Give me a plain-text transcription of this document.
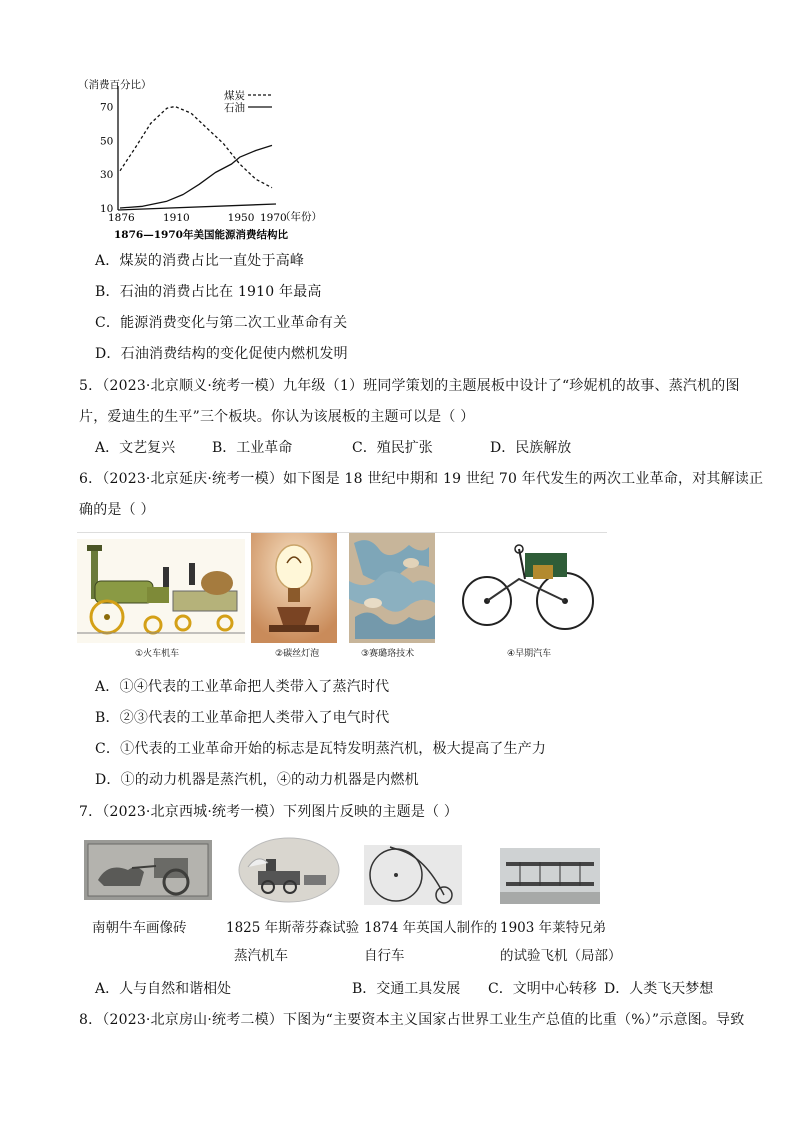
（消费百分比）
（年份）
10
30
50
70
1876	1910	1950 1970
煤炭
石油
1876—1970年美国能源消费结构比
A．煤炭的消费占比一直处于高峰
B．石油的消费占比在 1910 年最高
C．能源消费变化与第二次工业革命有关
D．石油消费结构的变化促使内燃机发明
5．（2023·北京顺义·统考一模）九年级（1）班同学策划的主题展板中设计了“珍妮机的故事、蒸汽机的图
片，爱迪生的生平”三个板块。你认为该展板的主题可以是（ ）
A．文艺复兴	B．工业革命	C．殖民扩张	D．民族解放
6．（2023·北京延庆·统考一模）如下图是 18 世纪中期和 19 世纪 70 年代发生的两次工业革命，对其解读正
确的是（ ）
①火车机车	②碳丝灯泡	③赛璐珞技术	④早期汽车
A．①④代表的工业革命把人类带入了蒸汽时代
B．②③代表的工业革命把人类带入了电气时代
C．①代表的工业革命开始的标志是瓦特发明蒸汽机，极大提高了生产力
D．①的动力机器是蒸汽机，④的动力机器是内燃机
7．（2023·北京西城·统考一模）下列图片反映的主题是（ ）
南朝牛车画像砖	1825 年斯蒂芬森试验
蒸汽机车
1874 年英国人制作的
自行车
1903 年莱特兄弟
的试验飞机（局部）
A．人与自然和谐相处	B．交通工具发展 C．文明中心转移 D．人类飞天梦想
8．（2023·北京房山·统考二模）下图为“主要资本主义国家占世界工业生产总值的比重（%）”示意图。导致
